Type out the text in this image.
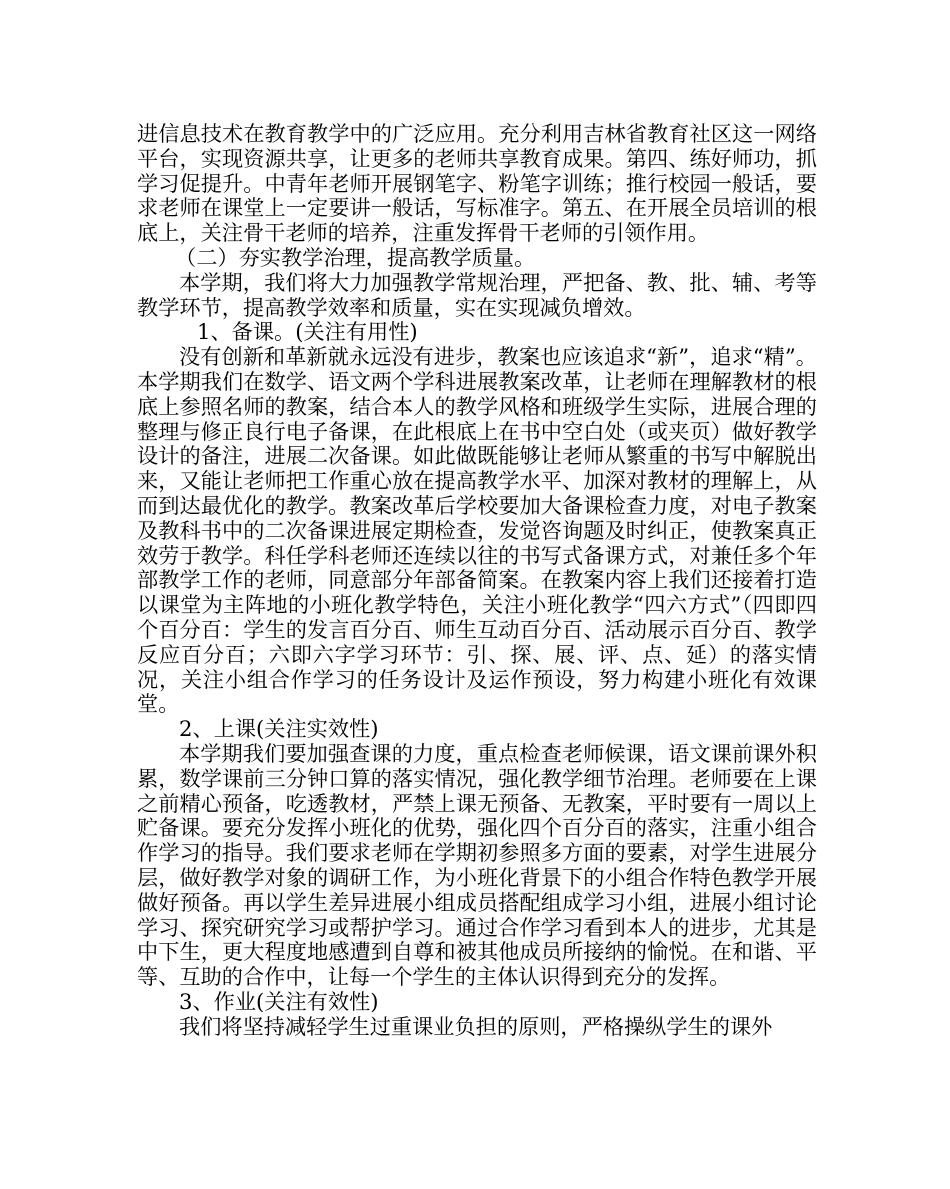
进信息技术在教育教学中的广泛应用。充分利用吉林省教育社区这一网络平台，实现资源共享，让更多的老师共享教育成果。第四、练好师功，抓学习促提升。中青年老师开展钢笔字、粉笔字训练；推行校园一般话，要求老师在课堂上一定要讲一般话，写标准字。第五、在开展全员培训的根底上，关注骨干老师的培养，注重发挥骨干老师的引领作用。

（二）夯实教学治理，提高教学质量。

本学期，我们将大力加强教学常规治理，严把备、教、批、辅、考等教学环节，提高教学效率和质量，实在实现减负增效。

1、备课。(关注有用性)

没有创新和革新就永远没有进步，教案也应该追求“新”，追求“精”。本学期我们在数学、语文两个学科进展教案改革，让老师在理解教材的根底上参照名师的教案，结合本人的教学风格和班级学生实际，进展合理的整理与修正良行电子备课，在此根底上在书中空白处（或夹页）做好教学设计的备注，进展二次备课。如此做既能够让老师从繁重的书写中解脱出来，又能让老师把工作重心放在提高教学水平、加深对教材的理解上，从而到达最优化的教学。教案改革后学校要加大备课检查力度，对电子教案及教科书中的二次备课进展定期检查，发觉咨询题及时纠正，使教案真正效劳于教学。科任学科老师还连续以往的书写式备课方式，对兼任多个年部教学工作的老师，同意部分年部备简案。在教案内容上我们还接着打造以课堂为主阵地的小班化教学特色，关注小班化教学“四六方式”（四即四个百分百：学生的发言百分百、师生互动百分百、活动展示百分百、教学反应百分百；六即六字学习环节：引、探、展、评、点、延）的落实情况，关注小组合作学习的任务设计及运作预设，努力构建小班化有效课堂。

2、上课(关注实效性)

本学期我们要加强查课的力度，重点检查老师候课，语文课前课外积累，数学课前三分钟口算的落实情况，强化教学细节治理。老师要在上课之前精心预备，吃透教材，严禁上课无预备、无教案，平时要有一周以上贮备课。要充分发挥小班化的优势，强化四个百分百的落实，注重小组合作学习的指导。我们要求老师在学期初参照多方面的要素，对学生进展分层，做好教学对象的调研工作，为小班化背景下的小组合作特色教学开展做好预备。再以学生差异进展小组成员搭配组成学习小组，进展小组讨论学习、探究研究学习或帮护学习。通过合作学习看到本人的进步，尤其是中下生，更大程度地感遭到自尊和被其他成员所接纳的愉悦。在和谐、平等、互助的合作中，让每一个学生的主体认识得到充分的发挥。

3、作业(关注有效性)

我们将坚持减轻学生过重课业负担的原则，严格操纵学生的课外
